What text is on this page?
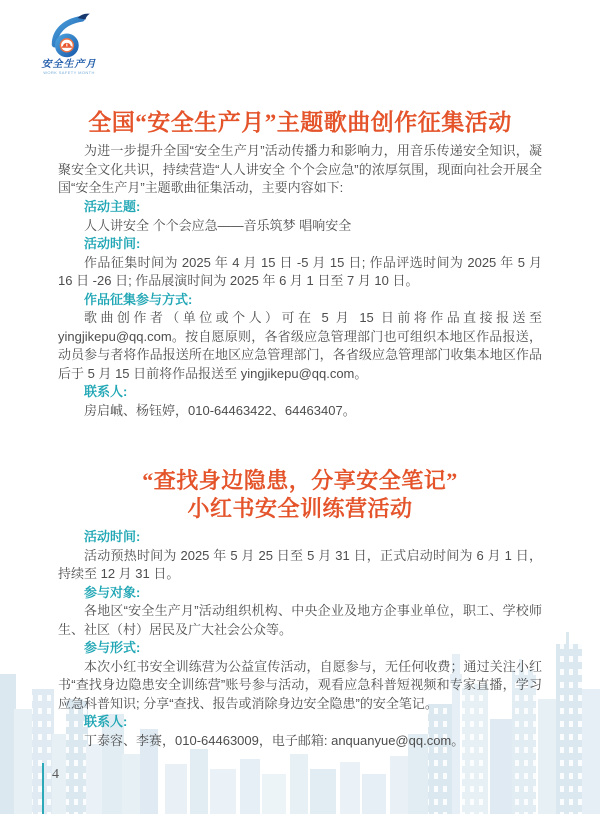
安全生产月
WORK SAFETY MONTH
全国“安全生产月”主题歌曲创作征集活动

为进一步提升全国“安全生产月”活动传播力和影响力，用音乐传递安全知识，凝聚安全文化共识，持续营造“人人讲安全 个个会应急”的浓厚氛围，现面向社会开展全国“安全生产月”主题歌曲征集活动，主要内容如下:

活动主题:

人人讲安全 个个会应急——音乐筑梦 唱响安全

活动时间:

作品征集时间为 2025 年 4 月 15 日 -5 月 15 日; 作品评选时间为 2025 年 5 月 16 日 -26 日; 作品展演时间为 2025 年 6 月 1 日至 7 月 10 日。

作品征集参与方式:

歌曲创作者（单位或个人）可在 5 月 15 日前将作品直接报送至 yingjikepu@qq.com。按自愿原则，各省级应急管理部门也可组织本地区作品报送，动员参与者将作品报送所在地区应急管理部门，各省级应急管理部门收集本地区作品后于 5 月 15 日前将作品报送至 yingjikepu@qq.com。

联系人:

房启峸、杨钰婷，010-64463422、64463407。

“查找身边隐患，分享安全笔记”
小红书安全训练营活动
活动时间:

活动预热时间为 2025 年 5 月 25 日至 5 月 31 日，正式启动时间为 6 月 1 日，持续至 12 月 31 日。

参与对象:

各地区“安全生产月”活动组织机构、中央企业及地方企事业单位，职工、学校师生、社区（村）居民及广大社会公众等。

参与形式:

本次小红书安全训练营为公益宣传活动，自愿参与，无任何收费；通过关注小红书“查找身边隐患安全训练营”账号参与活动，观看应急科普短视频和专家直播，学习应急科普知识; 分享“查找、报告或消除身边安全隐患”的安全笔记。

联系人:

丁泰容、李赛，010-64463009，电子邮箱: anquanyue@qq.com。

4
